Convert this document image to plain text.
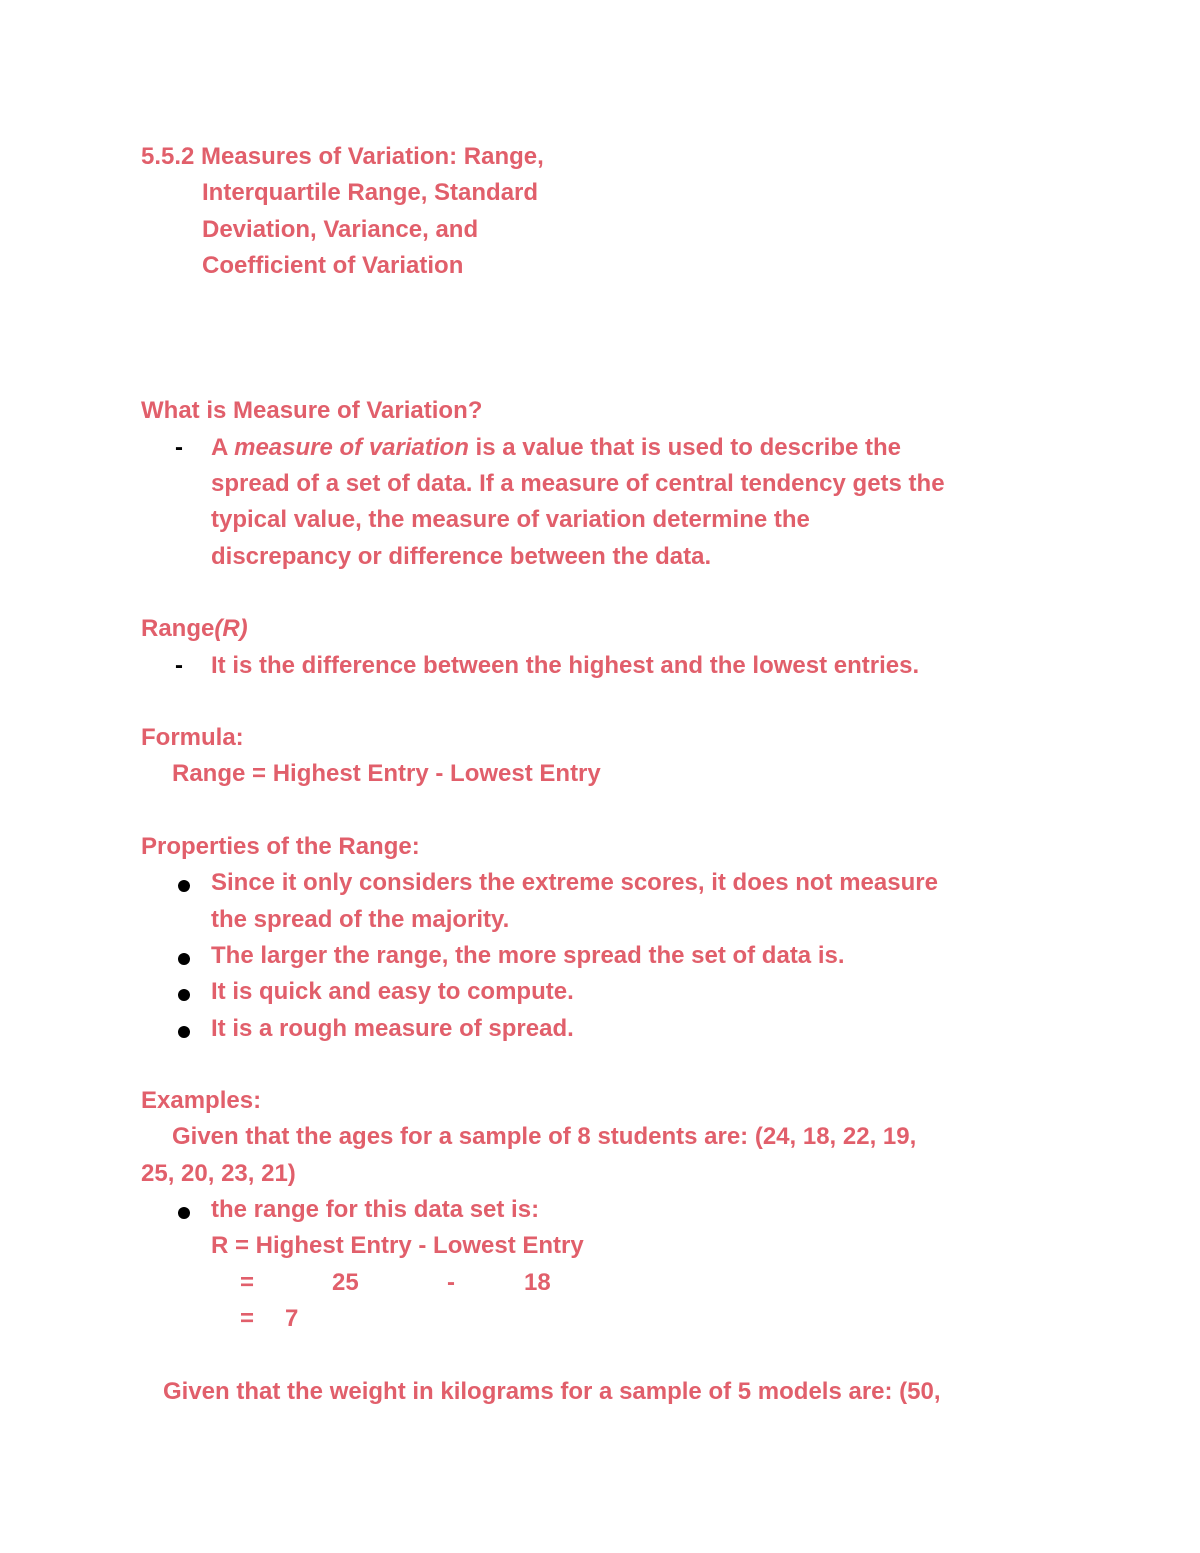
5.5.2 Measures of Variation: Range,
Interquartile Range, Standard
Deviation, Variance, and
Coefficient of Variation
What is Measure of Variation?
- A measure of variation is a value that is used to describe the
spread of a set of data. If a measure of central tendency gets the
typical value, the measure of variation determine the
discrepancy or difference between the data.
Range(R)
- It is the difference between the highest and the lowest entries.
Formula:
Range = Highest Entry - Lowest Entry
Properties of the Range:
Since it only considers the extreme scores, it does not measure
the spread of the majority.
The larger the range, the more spread the set of data is.
It is quick and easy to compute.
It is a rough measure of spread.
Examples:
Given that the ages for a sample of 8 students are: (24, 18, 22, 19,
25, 20, 23, 21)
the range for this data set is:
R = Highest Entry - Lowest Entry
=	25	-	18
= 7
Given that the weight in kilograms for a sample of 5 models are: (50,
